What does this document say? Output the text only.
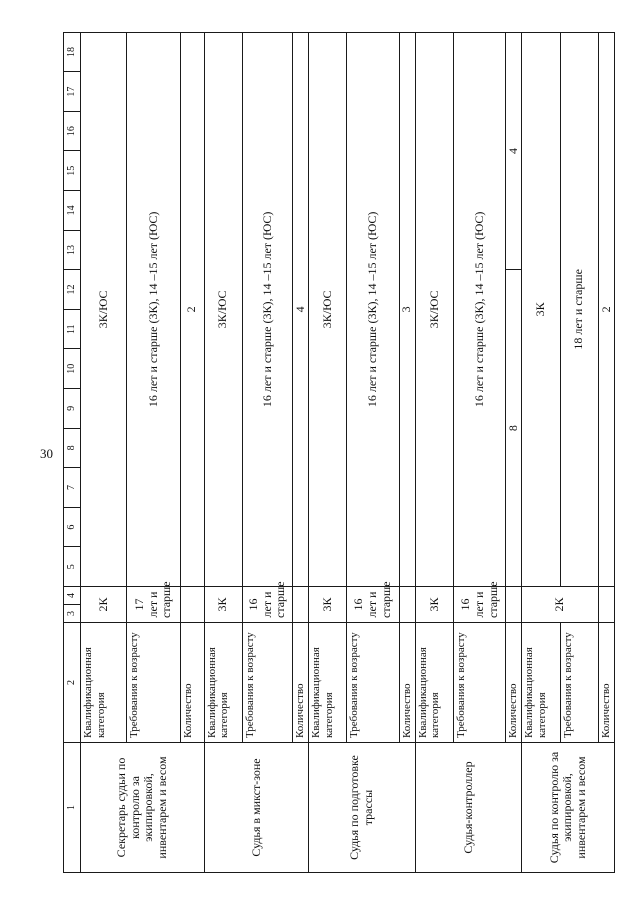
30
1	2	3	4	5	6	7	8	9	10	11	12	13	14	15	16	17	18
Секретарь судьи по контролю за экипировкой, инвентарем и весом	Квалификационная категория	2К		3К/ЮС													
	Требования к возрасту	17 лет и старше		16 лет и старше (3К), 14 –15 лет (ЮС)													
	Количество			2													
Судья в микст-зоне	Квалификационная категория	3К		3К/ЮС													
	Требования к возрасту	16 лет и старше		16 лет и старше (3К), 14 –15 лет (ЮС)													
	Количество			4													
Судья по подготовке трассы	Квалификационная категория	3К		3К/ЮС													
	Требования к возрасту	16 лет и старше		16 лет и старше (3К), 14 –15 лет (ЮС)													
	Количество			3													
Судья-контроллер	Квалификационная категория	3К		3К/ЮС													
	Требования к возрасту	16 лет и старше		16 лет и старше (3К), 14 –15 лет (ЮС)													
	Количество			8								4					
Судья по контролю за экипировкой, инвентарем и весом	Квалификационная категория	2К		3К													
	Требования к возрасту			18 лет и старше													
	Количество			2													
